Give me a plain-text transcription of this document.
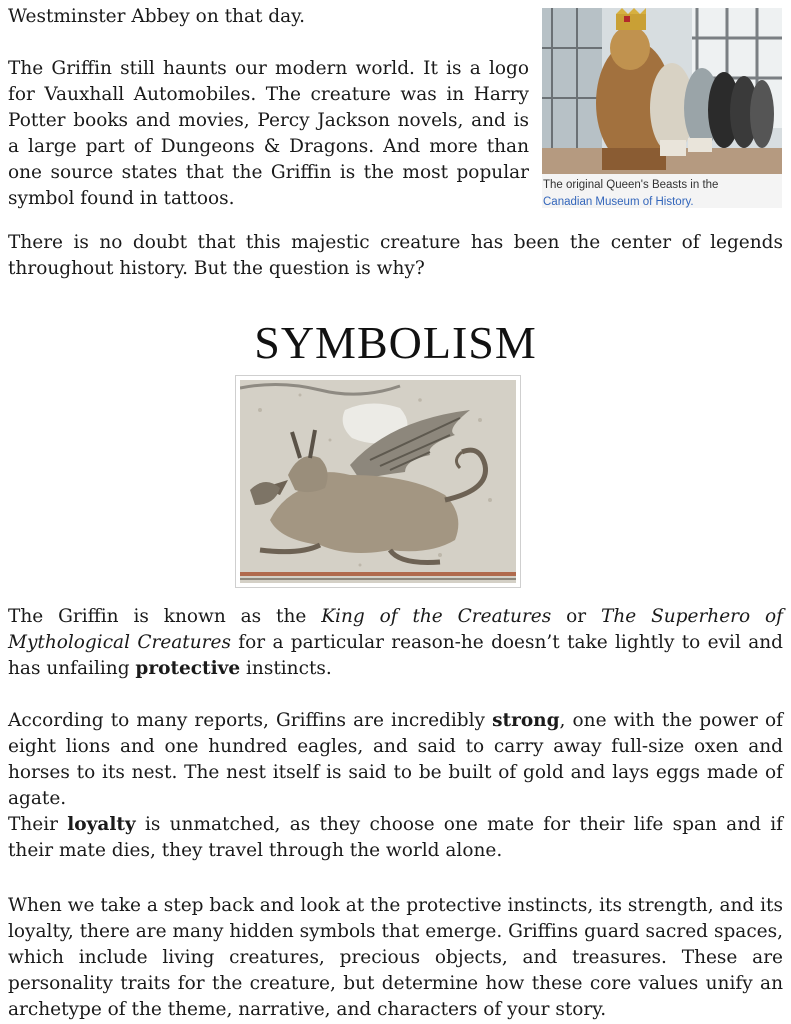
Westminster Abbey on that day.

The Griffin still haunts our modern world. It is a logo for Vauxhall Automobiles. The creature was in Harry Potter books and movies, Percy Jackson novels, and is a large part of Dungeons & Dragons. And more than one source states that the Griffin is the most popular symbol found in tattoos.

The original Queen's Beasts in the
Canadian Museum of History.

There is no doubt that this majestic creature has been the center of legends throughout history. But the question is why?

SYMBOLISM

The Griffin is known as the King of the Creatures or The Superhero of Mythological Creatures for a particular reason-he doesn’t take lightly to evil and has unfailing protective instincts.

According to many reports, Griffins are incredibly strong, one with the power of eight lions and one hundred eagles, and said to carry away full-size oxen and horses to its nest. The nest itself is said to be built of gold and lays eggs made of agate.

Their loyalty is unmatched, as they choose one mate for their life span and if their mate dies, they travel through the world alone.

When we take a step back and look at the protective instincts, its strength, and its loyalty, there are many hidden symbols that emerge. Griffins guard sacred spaces, which include living creatures, precious objects, and treasures. These are personality traits for the creature, but determine how these core values unify an archetype of the theme, narrative, and characters of your story.
